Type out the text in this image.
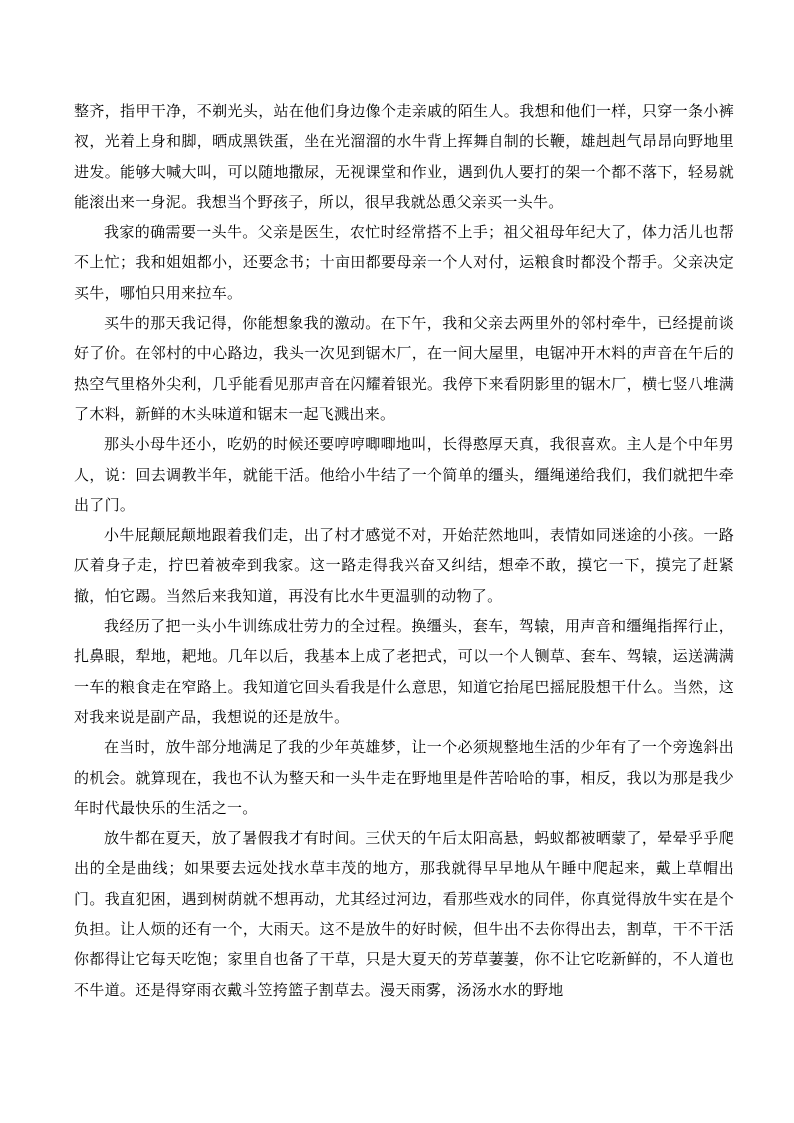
整齐，指甲干净，不剃光头，站在他们身边像个走亲戚的陌生人。我想和他们一样，只穿一条小裤衩，光着上身和脚，晒成黑铁蛋，坐在光溜溜的水牛背上挥舞自制的长鞭，雄赳赳气昂昂向野地里进发。能够大喊大叫，可以随地撒尿，无视课堂和作业，遇到仇人要打的架一个都不落下，轻易就能滚出来一身泥。我想当个野孩子，所以，很早我就怂恿父亲买一头牛。

我家的确需要一头牛。父亲是医生，农忙时经常搭不上手；祖父祖母年纪大了，体力活儿也帮不上忙；我和姐姐都小，还要念书；十亩田都要母亲一个人对付，运粮食时都没个帮手。父亲决定买牛，哪怕只用来拉车。

买牛的那天我记得，你能想象我的激动。在下午，我和父亲去两里外的邻村牵牛，已经提前谈好了价。在邻村的中心路边，我头一次见到锯木厂，在一间大屋里，电锯冲开木料的声音在午后的热空气里格外尖利，几乎能看见那声音在闪耀着银光。我停下来看阴影里的锯木厂，横七竖八堆满了木料，新鲜的木头味道和锯末一起飞溅出来。

那头小母牛还小，吃奶的时候还要哼哼唧唧地叫，长得憨厚天真，我很喜欢。主人是个中年男人，说：回去调教半年，就能干活。他给小牛结了一个简单的缰头，缰绳递给我们，我们就把牛牵出了门。

小牛屁颠屁颠地跟着我们走，出了村才感觉不对，开始茫然地叫，表情如同迷途的小孩。一路仄着身子走，拧巴着被牵到我家。这一路走得我兴奋又纠结，想牵不敢，摸它一下，摸完了赶紧撤，怕它踢。当然后来我知道，再没有比水牛更温驯的动物了。

我经历了把一头小牛训练成壮劳力的全过程。换缰头，套车，驾辕，用声音和缰绳指挥行止，扎鼻眼，犁地，耙地。几年以后，我基本上成了老把式，可以一个人铡草、套车、驾辕，运送满满一车的粮食走在窄路上。我知道它回头看我是什么意思，知道它抬尾巴摇屁股想干什么。当然，这对我来说是副产品，我想说的还是放牛。

在当时，放牛部分地满足了我的少年英雄梦，让一个必须规整地生活的少年有了一个旁逸斜出的机会。就算现在，我也不认为整天和一头牛走在野地里是件苦哈哈的事，相反，我以为那是我少年时代最快乐的生活之一。

放牛都在夏天，放了暑假我才有时间。三伏天的午后太阳高悬，蚂蚁都被晒蒙了，晕晕乎乎爬出的全是曲线；如果要去远处找水草丰茂的地方，那我就得早早地从午睡中爬起来，戴上草帽出门。我直犯困，遇到树荫就不想再动，尤其经过河边，看那些戏水的同伴，你真觉得放牛实在是个负担。让人烦的还有一个，大雨天。这不是放牛的好时候，但牛出不去你得出去，割草，干不干活你都得让它每天吃饱；家里自也备了干草，只是大夏天的芳草萋萋，你不让它吃新鲜的，不人道也不牛道。还是得穿雨衣戴斗笠挎篮子割草去。漫天雨雾，汤汤水水的野地
